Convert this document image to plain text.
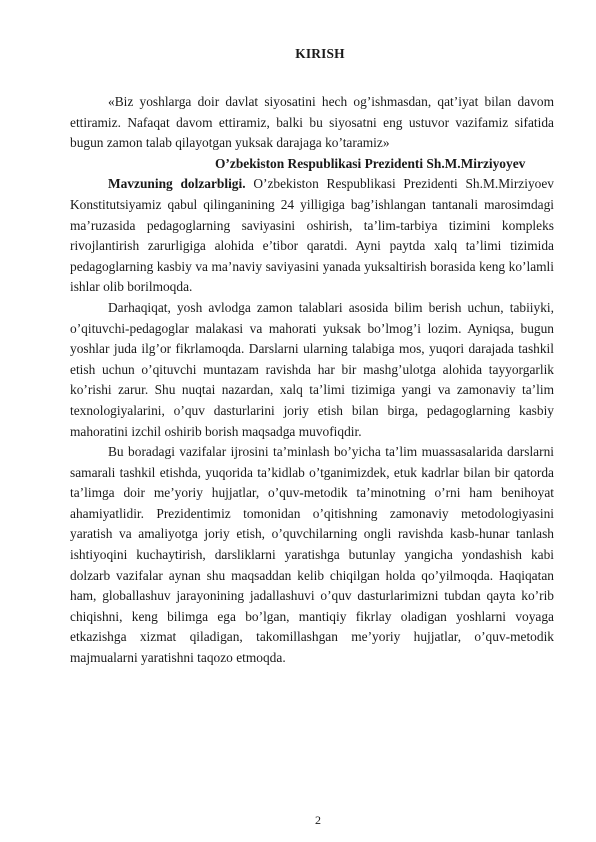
KIRISH

«Biz yoshlarga doir davlat siyosatini hech og’ishmasdan, qat’iyat bilan davom ettiramiz. Nafaqat davom ettiramiz, balki bu siyosatni eng ustuvor vazifamiz sifatida bugun zamon talab qilayotgan yuksak darajaga ko’taramiz»

O’zbekiston Respublikasi Prezidenti Sh.M.Mirziyoyev

Mavzuning dolzarbligi. O’zbekiston Respublikasi Prezidenti Sh.M.Mirziyoev Konstitutsiyamiz qabul qilinganining 24 yilligiga bag’ishlangan tantanali marosimdagi ma’ruzasida pedagoglarning saviyasini oshirish, ta’lim-tarbiya tizimini kompleks rivojlantirish zarurligiga alohida e’tibor qaratdi. Ayni paytda xalq ta’limi tizimida pedagoglarning kasbiy va ma’naviy saviyasini yanada yuksaltirish borasida keng ko’lamli ishlar olib borilmoqda.

Darhaqiqat, yosh avlodga zamon talablari asosida bilim berish uchun, tabiiyki, o’qituvchi-pedagoglar malakasi va mahorati yuksak bo’lmog’i lozim. Ayniqsa, bugun yoshlar juda ilg’or fikrlamoqda. Darslarni ularning talabiga mos, yuqori darajada tashkil etish uchun o’qituvchi muntazam ravishda har bir mashg’ulotga alohida tayyorgarlik ko’rishi zarur. Shu nuqtai nazardan, xalq ta’limi tizimiga yangi va zamonaviy ta’lim texnologiyalarini, o’quv dasturlarini joriy etish bilan birga, pedagoglarning kasbiy mahoratini izchil oshirib borish maqsadga muvofiqdir.

Bu boradagi vazifalar ijrosini ta’minlash bo’yicha ta’lim muassasalarida darslarni samarali tashkil etishda, yuqorida ta’kidlab o’tganimizdek, etuk kadrlar bilan bir qatorda ta’limga doir me’yoriy hujjatlar, o’quv-metodik ta’minotning o’rni ham benihoyat ahamiyatlidir. Prezidentimiz tomonidan o’qitishning zamonaviy metodologiyasini yaratish va amaliyotga joriy etish, o’quvchilarning ongli ravishda kasb-hunar tanlash ishtiyoqini kuchaytirish, darsliklarni yaratishga butunlay yangicha yondashish kabi dolzarb vazifalar aynan shu maqsaddan kelib chiqilgan holda qo’yilmoqda. Haqiqatan ham, globallashuv jarayonining jadallashuvi o’quv dasturlarimizni tubdan qayta ko’rib chiqishni, keng bilimga ega bo’lgan, mantiqiy fikrlay oladigan yoshlarni voyaga etkazishga xizmat qiladigan, takomillashgan me’yoriy hujjatlar, o’quv-metodik majmualarni yaratishni taqozo etmoqda.

2
